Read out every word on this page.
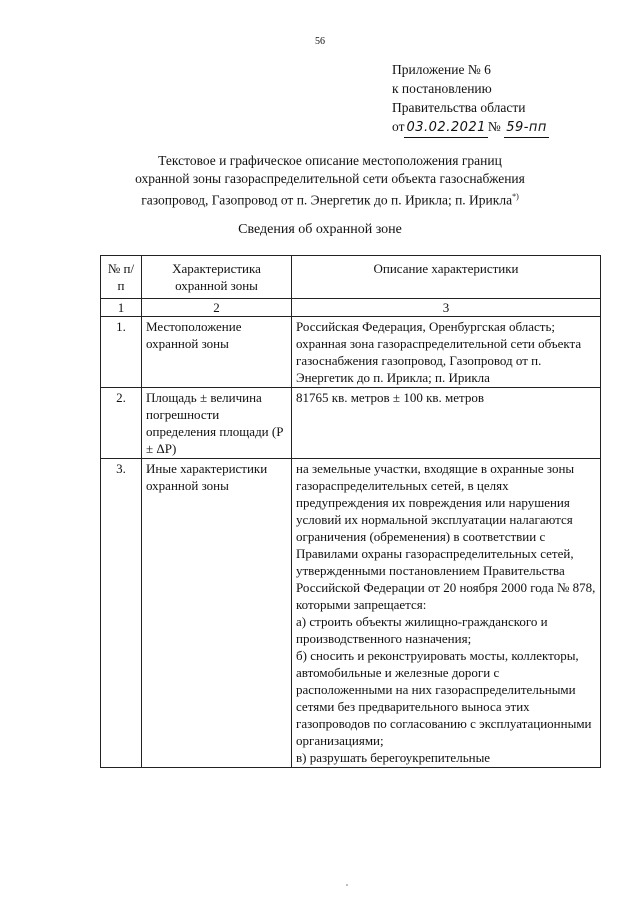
56
Приложение № 6
к постановлению
Правительства области
от 03.02.2021 № 59-пп
Текстовое и графическое описание местоположения границ
охранной зоны газораспределительной сети объекта газоснабжения
газопровод, Газопровод от п. Энергетик до п. Ирикла; п. Ирикла*)
Сведения об охранной зоне
№ п/п	Характеристика охранной зоны	Описание характеристики
1	2	3
1.	Местоположение охранной зоны	Российская Федерация, Оренбургская область; охранная зона газораспределительной сети объекта газоснабжения газопровод, Газопровод от п. Энергетик до п. Ирикла; п. Ирикла
2.	Площадь ± величина погрешности определения площади (Р ± ΔР)	81765 кв. метров ± 100 кв. метров
3.	Иные характеристики охранной зоны	на земельные участки, входящие в охранные зоны газораспределительных сетей, в целях предупреждения их повреждения или нарушения условий их нормальной эксплуатации налагаются ограничения (обременения) в соответствии с Правилами охраны газораспределительных сетей, утвержденными постановлением Правительства Российской Федерации от 20 ноября 2000 года № 878, которыми запрещается:
а) строить объекты жилищно-гражданского и производственного назначения;
б) сносить и реконструировать мосты, коллекторы, автомобильные и железные дороги с расположенными на них газораспределительными сетями без предварительного выноса этих газопроводов по согласованию с эксплуатационными организациями;
в) разрушать берегоукрепительные
